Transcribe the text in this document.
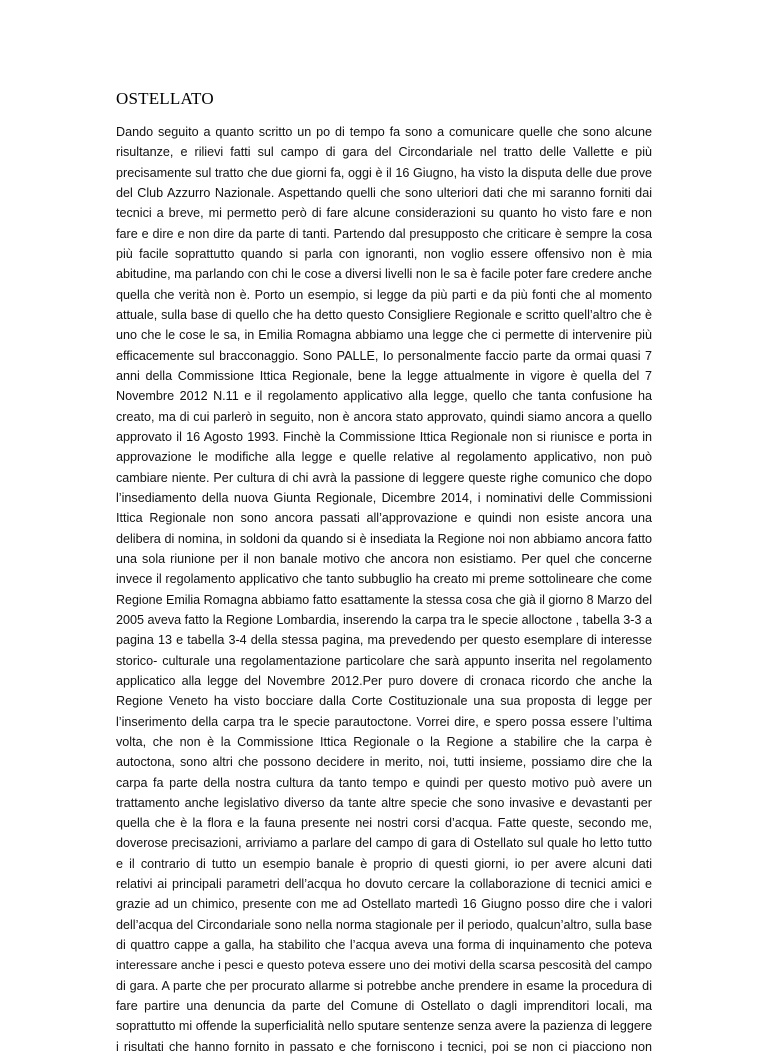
OSTELLATO
Dando seguito a quanto scritto un po di tempo fa sono a comunicare quelle che sono alcune
risultanze, e rilievi fatti sul campo di gara del Circondariale nel tratto delle Vallette e più
precisamente sul tratto che due giorni fa, oggi è il 16 Giugno, ha visto la disputa delle due prove
del Club Azzurro Nazionale. Aspettando quelli che sono ulteriori dati che mi saranno forniti dai
tecnici a breve, mi permetto però di fare alcune considerazioni su quanto ho visto fare e non
fare e dire e non dire da parte di tanti. Partendo dal presupposto che criticare è sempre la cosa
più facile soprattutto quando si parla con ignoranti, non voglio essere offensivo non è mia
abitudine, ma parlando con chi le cose a diversi livelli non le sa è facile poter fare credere anche
quella che verità non è. Porto un esempio, si legge da più parti e da più fonti che al momento
attuale, sulla base di quello che ha detto questo Consigliere Regionale e scritto quell’altro che è
uno che le cose le sa, in Emilia Romagna abbiamo una legge che ci permette di intervenire più
efficacemente sul bracconaggio. Sono PALLE, Io personalmente faccio parte da ormai quasi 7
anni della Commissione Ittica Regionale, bene la legge attualmente in vigore è quella del 7
Novembre 2012 N.11 e il regolamento applicativo alla legge, quello che tanta confusione ha
creato, ma di cui parlerò in seguito, non è ancora stato approvato, quindi siamo ancora a quello
approvato il 16 Agosto 1993. Finchè la Commissione Ittica Regionale non si riunisce e porta in
approvazione le modifiche alla legge e quelle relative al regolamento applicativo, non può
cambiare niente. Per cultura di chi avrà la passione di leggere queste righe comunico che dopo
l’insediamento della nuova Giunta Regionale, Dicembre 2014, i nominativi delle Commissioni
Ittica Regionale non sono ancora passati all’approvazione e quindi non esiste ancora una
delibera di nomina, in soldoni da quando si è insediata la Regione noi non abbiamo ancora fatto
una sola riunione per il non banale motivo che ancora non esistiamo. Per quel che concerne
invece il regolamento applicativo che tanto subbuglio ha creato mi preme sottolineare che come
Regione Emilia Romagna abbiamo fatto esattamente la stessa cosa che già il giorno 8 Marzo del
2005 aveva fatto la Regione Lombardia, inserendo la carpa tra le specie alloctone , tabella 3-3 a
pagina 13 e tabella 3-4 della stessa pagina, ma prevedendo per questo esemplare di interesse
storico- culturale una regolamentazione particolare che sarà appunto inserita nel regolamento
applicatico alla legge del Novembre 2012.Per puro dovere di cronaca ricordo che anche la
Regione Veneto ha visto bocciare dalla Corte Costituzionale una sua proposta di legge per
l’inserimento della carpa tra le specie parautoctone. Vorrei dire, e spero possa essere l’ultima
volta, che non è la Commissione Ittica Regionale o la Regione a stabilire che la carpa è
autoctona, sono altri che possono decidere in merito, noi, tutti insieme, possiamo dire che la
carpa fa parte della nostra cultura da tanto tempo e quindi per questo motivo può avere un
trattamento anche legislativo diverso da tante altre specie che sono invasive e devastanti per
quella che è la flora e la fauna presente nei nostri corsi d’acqua. Fatte queste, secondo me,
doverose precisazioni, arriviamo a parlare del campo di gara di Ostellato sul quale ho letto tutto
e il contrario di tutto un esempio banale è proprio di questi giorni, io per avere alcuni dati
relativi ai principali parametri dell’acqua ho dovuto cercare la collaborazione di tecnici amici e
grazie ad un chimico, presente con me ad Ostellato martedì 16 Giugno posso dire che i valori
dell’acqua del Circondariale sono nella norma stagionale per il periodo, qualcun’altro, sulla base
di quattro cappe a galla, ha stabilito che l’acqua aveva una forma di inquinamento che poteva
interessare anche i pesci e questo poteva essere uno dei motivi della scarsa pescosità del campo
di gara. A parte che per procurato allarme si potrebbe anche prendere in esame la procedura di
fare partire una denuncia da parte del Comune di Ostellato o dagli imprenditori locali, ma
soprattutto mi offende la superficialità nello sputare sentenze senza avere la pazienza di leggere
i risultati che hanno fornito in passato e che forniscono i tecnici, poi se non ci piacciono non
